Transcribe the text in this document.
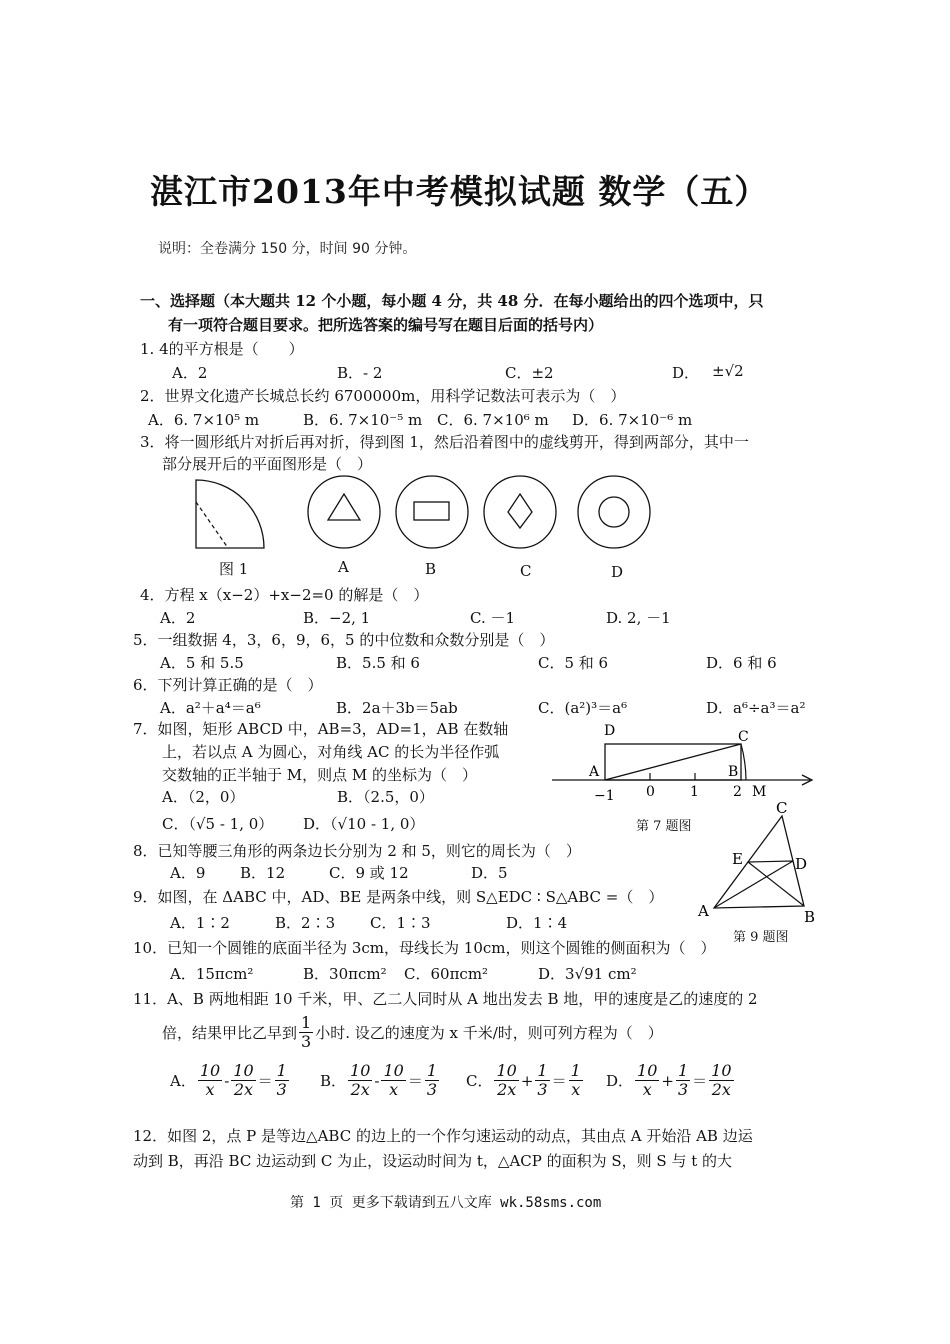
湛江市2013年中考模拟试题 数学（五）
说明：全卷满分 150 分，时间 90 分钟。
一、选择题（本大题共 12 个小题，每小题 4 分，共 48 分．在每小题给出的四个选项中，只
有一项符合题目要求。把所选答案的编号写在题目后面的括号内）
1. 4的平方根是（　　）
A．2	B．- 2	C．±2	D． ±√2
2．世界文化遗产长城总长约 6700000m，用科学记数法可表示为（　）
A．6. 7×10⁵ m	B．6. 7×10⁻⁵ m C．6. 7×10⁶ m D．6. 7×10⁻⁶ m
3．将一圆形纸片对折后再对折，得到图 1，然后沿着图中的虚线剪开，得到两部分，其中一
部分展开后的平面图形是（　）
图 1	A	B	C	D
4．方程 x（x−2）+x−2=0 的解是（　）
A．2	B．−2, 1	C. －1	D. 2, －1
5．一组数据 4，3，6，9，6，5 的中位数和众数分别是（　）
A．5 和 5.5	B．5.5 和 6	C．5 和 6	D．6 和 6
6．下列计算正确的是（　）
A．a²＋a⁴＝a⁶	B．2a＋3b＝5ab	C．(a²)³＝a⁶	D．a⁶÷a³＝a²
7．如图，矩形 ABCD 中，AB=3，AD=1，AB 在数轴
上，若以点 A 为圆心，对角线 AC 的长为半径作弧
交数轴的正半轴于 M，则点 M 的坐标为（　）
A．（2，0）	B．（2.5，0）
C．（√5 - 1, 0） D．（√10 - 1, 0）
D	C
A	B
M
−1 0	1 2
第 7 题图
8．已知等腰三角形的两条边长分别为 2 和 5，则它的周长为（　）
A．9 B．12	C．9 或 12	D．5
9．如图，在 ΔABC 中，AD、BE 是两条中线，则 S△EDC ∶ S△ABC =（　）
A．1∶2	B．2∶3 C．1∶3	D．1∶4
C
E	D
A	B
第 9 题图
10．已知一个圆锥的底面半径为 3cm，母线长为 10cm，则这个圆锥的侧面积为（　）
A．15πcm²	B．30πcm² C．60πcm²	D．3√91 cm²
11．A、B 两地相距 10 千米，甲、乙二人同时从 A 地出发去 B 地，甲的速度是乙的速度的 2
倍，结果甲比乙早到 $\frac{1}{3}$ 小时. 设乙的速度为 x 千米/时，则可列方程为（　）
A． $\frac{10}{x} - \frac{10}{2x} = \frac{1}{3}$ B． $\frac{10}{2x} - \frac{10}{x} = \frac{1}{3}$ C． $\frac{10}{2x} + \frac{1}{3} = \frac{1}{x}$ D． $\frac{10}{x} + \frac{1}{3} = \frac{10}{2x}$
12．如图 2，点 P 是等边△ABC 的边上的一个作匀速运动的动点，其由点 A 开始沿 AB 边运
动到 B，再沿 BC 边运动到 C 为止，设运动时间为 t，△ACP 的面积为 S，则 S 与 t 的大
第 1 页 更多下载请到五八文库 wk.58sms.com
